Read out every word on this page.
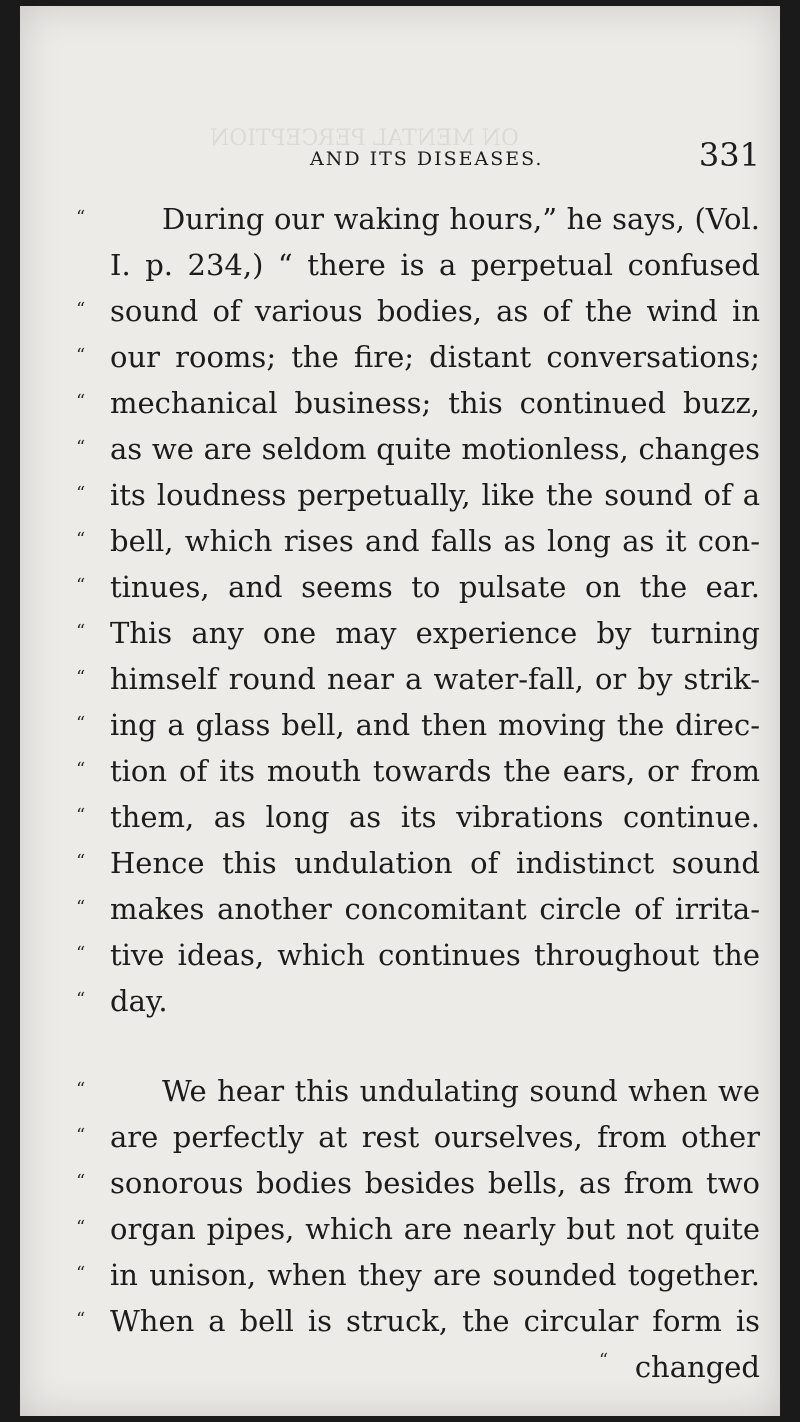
ON MENTAL PERCEPTION
AND ITS DISEASES.	331
“	During our waking hours,” he says, (Vol.
I. p. 234,) “ there is a perpetual confused
“ sound of various bodies, as of the wind in
“ our rooms; the fire; distant conversations;
“ mechanical business; this continued buzz,
“ as we are seldom quite motionless, changes
“ its loudness perpetually, like the sound of a
“ bell, which rises and falls as long as it con-
“ tinues, and seems to pulsate on the ear.
“ This any one may experience by turning
“ himself round near a water-fall, or by strik-
“ ing a glass bell, and then moving the direc-
“ tion of its mouth towards the ears, or from
“ them, as long as its vibrations continue.
“ Hence this undulation of indistinct sound
“ makes another concomitant circle of irrita-
“ tive ideas, which continues throughout the
“ day.
“	We hear this undulating sound when we
“ are perfectly at rest ourselves, from other
“ sonorous bodies besides bells, as from two
“ organ pipes, which are nearly but not quite
“ in unison, when they are sounded together.
“ When a bell is struck, the circular form is
“ changed
